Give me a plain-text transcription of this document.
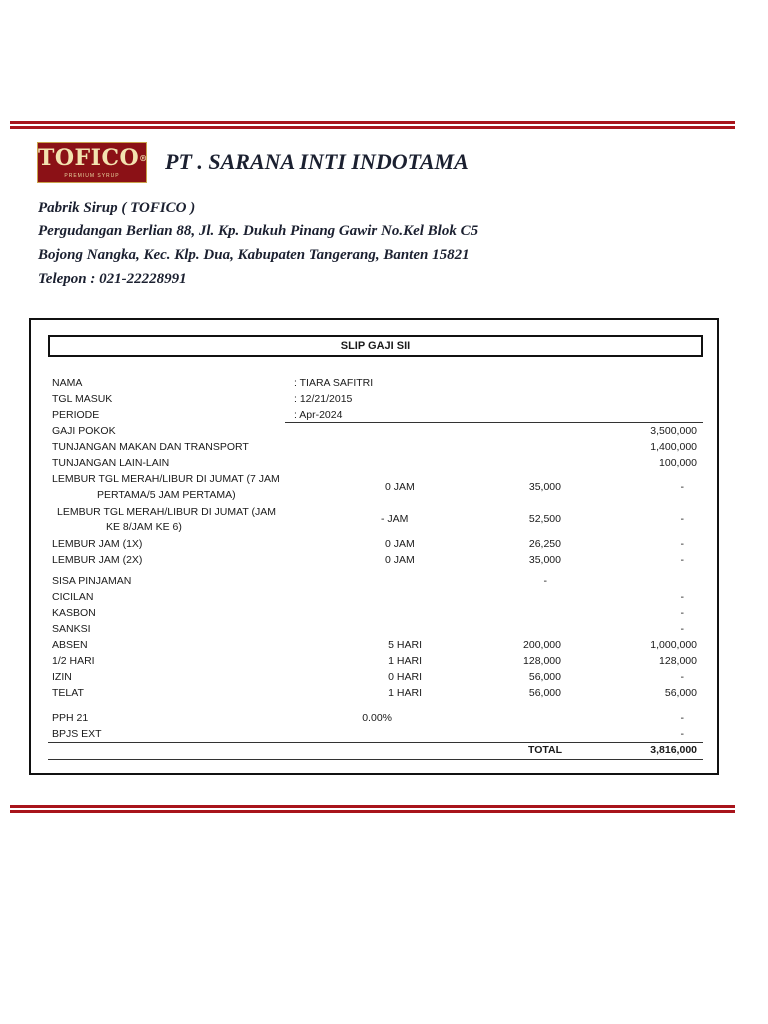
TOFICO®
PREMIUM SYRUP
PT . SARANA INTI INDOTAMA
Pabrik Sirup ( TOFICO )
Pergudangan Berlian 88, Jl. Kp. Dukuh Pinang Gawir No.Kel Blok C5
Bojong Nangka, Kec. Klp. Dua, Kabupaten Tangerang, Banten 15821
Telepon : 021-22228991
SLIP GAJI SII
NAMA	: TIARA SAFITRI
TGL MASUK	: 12/21/2015
PERIODE	: Apr-2024
GAJI POKOK	3,500,000
TUNJANGAN MAKAN DAN TRANSPORT	1,400,000
TUNJANGAN LAIN-LAIN	100,000
LEMBUR TGL MERAH/LIBUR DI JUMAT (7 JAM
PERTAMA/5 JAM PERTAMA)
0 JAM	35,000	-
LEMBUR TGL MERAH/LIBUR DI JUMAT (JAM
KE 8/JAM KE 6)
- JAM	52,500	-
LEMBUR JAM (1X)	0 JAM	26,250	-
LEMBUR JAM (2X)	0 JAM	35,000	-
SISA PINJAMAN	-
CICILAN	-
KASBON	-
SANKSI	-
ABSEN	5 HARI	200,000	1,000,000
1/2 HARI	1 HARI	128,000	128,000
IZIN	0 HARI	56,000	-
TELAT	1 HARI	56,000	56,000
PPH 21	0.00%	-
BPJS EXT	-
TOTAL	3,816,000
